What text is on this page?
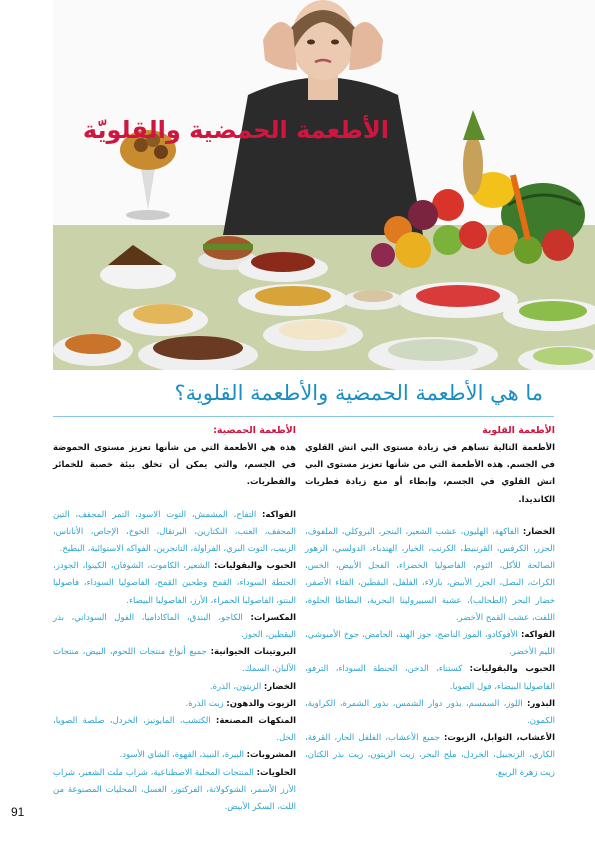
الأطعمة الحمضية والقلويّة
ما هي الأطعمة الحمضية والأطعمة القلوية؟
الأطعمة القلوية
الأطعمة التالية تساهم في زيادة مستوى البي اتش القلوي في الجسم. هذه الأطعمة التي من شأنها تعزيز مستوى البي اتش القلوي في الجسم، وإبطاء أو منع زيادة فطريات الكانديدا.
الخضار: الفاكهة، الهليون، عشب الشعير، البنجر، البروكلي، الملفوف، الجزر، الكرفس، القرنبيط، الكرنب، الخيار، الهندباء، الدولسي، الزهور الصالحة للأكل، الثوم، الفاصوليا الخضراء، الفجل الأبيض، الخس، الكراث، البصل، الجزر الأبيض، بازلاء، الفلفل، اليقطين، القثاء الأصفر، خضار البحر (الطحالب)، عشبة السبيرولينا البحرية، البطاطا الحلوة، اللفت، عشب القمح الأخضر.
الفواكه: الأفوكادو، الموز الناضج، جوز الهند، الحامض، جوخ الأميوشي، الليم الأخضر.
الحبوب والبقوليات: كستناء، الدخن، الحنطة السوداء، الترفو، الفاصوليا البيضاء، فول الصويا.
البذور: اللوز، السمسم، بذور دوار الشمس، بذور الشمرة، الكراوية، الكمون.
الأعشاب، التوابل، الزيوت: جميع الأعشاب، الفلفل الحار، القرفة، الكاري، الزنجبيل، الخردل، ملح البحر، زيت الزيتون، زيت بذر الكتان، زيت زهرة الربيع.
الأطعمة الحمضية:
هذه هي الأطعمة التي من شأنها تعزيز مستوى الحموضة في الجسم، والتي يمكن أن تخلق بيئة خصبة للخمائر والفطريات.
الفواكه: التفاح، المشمش، التوت الاسود، التمر المجفف، التين المجفف، العنب، النكتارين، البرتقال، الخوخ، الإجاص، الأناناس، الزبيب، التوت البري، الفراولة، التانجرين، الفواكه الاستوائية، البطيخ.
الحبوب والبقوليات: الشعير، الكاموت، الشوفان، الكينوا، الجودر، الحنطة السوداء، القمح وطحين القمح، الفاصوليا السوداء، فاصوليا البنتو، الفاصوليا الحمراء، الأرز، الفاصوليا البيضاء.
المكسرات: الكاجو، البندق، الماكاداميا، الفول السوداني، بذر اليقطين، الجوز.
البروتينات الحيوانية: جميع أنواع منتجات اللحوم، البيض، منتجات الألبان، السمك.
الخضار: الزيتون، الذرة.
الزيوت والدهون: زيت الذرة.
المنكهات المصنعة: الكتشب، المايونيز، الخردل، صلصة الصويا، الخل.
المشروبات: البيرة، النبيذ، القهوة، الشاي الأسود.
الحلويات: المنتجات المحلية الاصطناعية، شراب ملت الشعير، شراب الأرز الأسمر، الشوكولاتة، الفركتوز، العسل، المحليات المصنوعة من اللت، السكر الأبيض.
91
